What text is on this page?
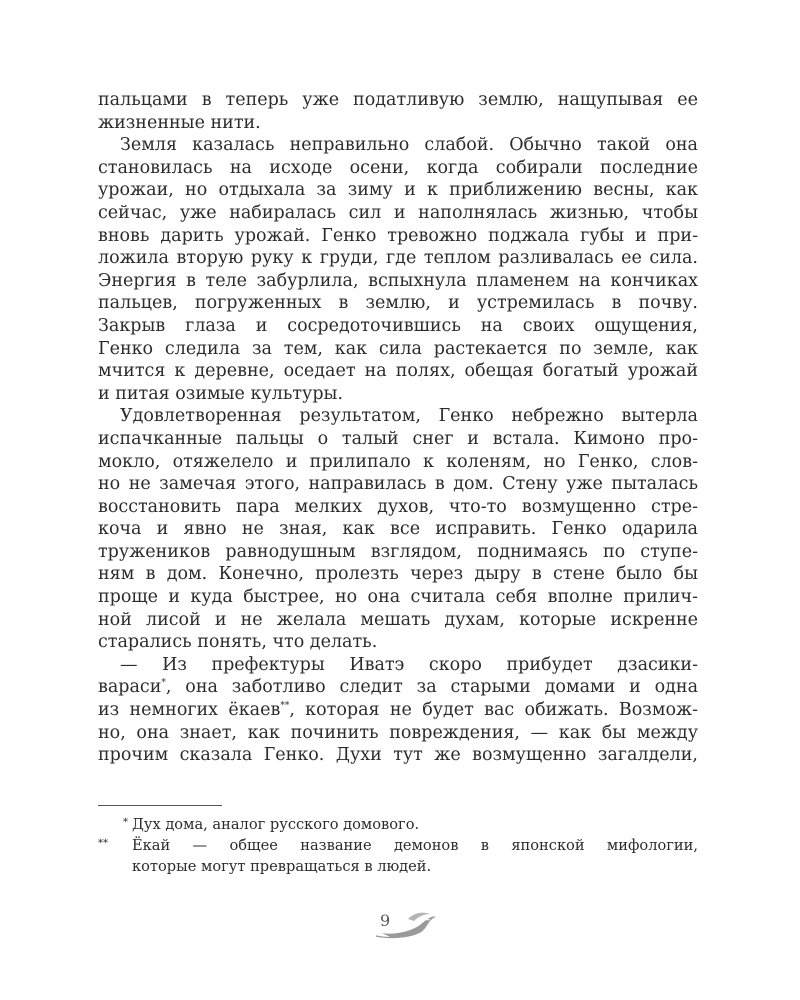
пальцами в теперь уже податливую землю, нащупывая ее
жизненные нити.
Земля казалась неправильно слабой. Обычно такой она
становилась на исходе осени, когда собирали последние
урожаи, но отдыхала за зиму и к приближению весны, как
сейчас, уже набиралась сил и наполнялась жизнью, чтобы
вновь дарить урожай. Генко тревожно поджала губы и при-
ложила вторую руку к груди, где теплом разливалась ее сила.
Энергия в теле забурлила, вспыхнула пламенем на кончиках
пальцев, погруженных в землю, и устремилась в почву.
Закрыв глаза и сосредоточившись на своих ощущения,
Генко следила за тем, как сила растекается по земле, как
мчится к деревне, оседает на полях, обещая богатый урожай
и питая озимые культуры.
Удовлетворенная результатом, Генко небрежно вытерла
испачканные пальцы о талый снег и встала. Кимоно про-
мокло, отяжелело и прилипало к коленям, но Генко, слов-
но не замечая этого, направилась в дом. Стену уже пыталась
восстановить пара мелких духов, что-то возмущенно стре-
коча и явно не зная, как все исправить. Генко одарила
тружеников равнодушным взглядом, поднимаясь по ступе-
ням в дом. Конечно, пролезть через дыру в стене было бы
проще и куда быстрее, но она считала себя вполне прилич-
ной лисой и не желала мешать духам, которые искренне
старались понять, что делать.
— Из префектуры Иватэ скоро прибудет дзасики-
вараси*, она заботливо следит за старыми домами и одна
из немногих ёкаев**, которая не будет вас обижать. Возмож-
но, она знает, как починить повреждения, — как бы между
прочим сказала Генко. Духи тут же возмущенно загалдели,
* Дух дома, аналог русского домового.
** Ёкай — общее название демонов в японской мифологии,
которые могут превращаться в людей.
9
